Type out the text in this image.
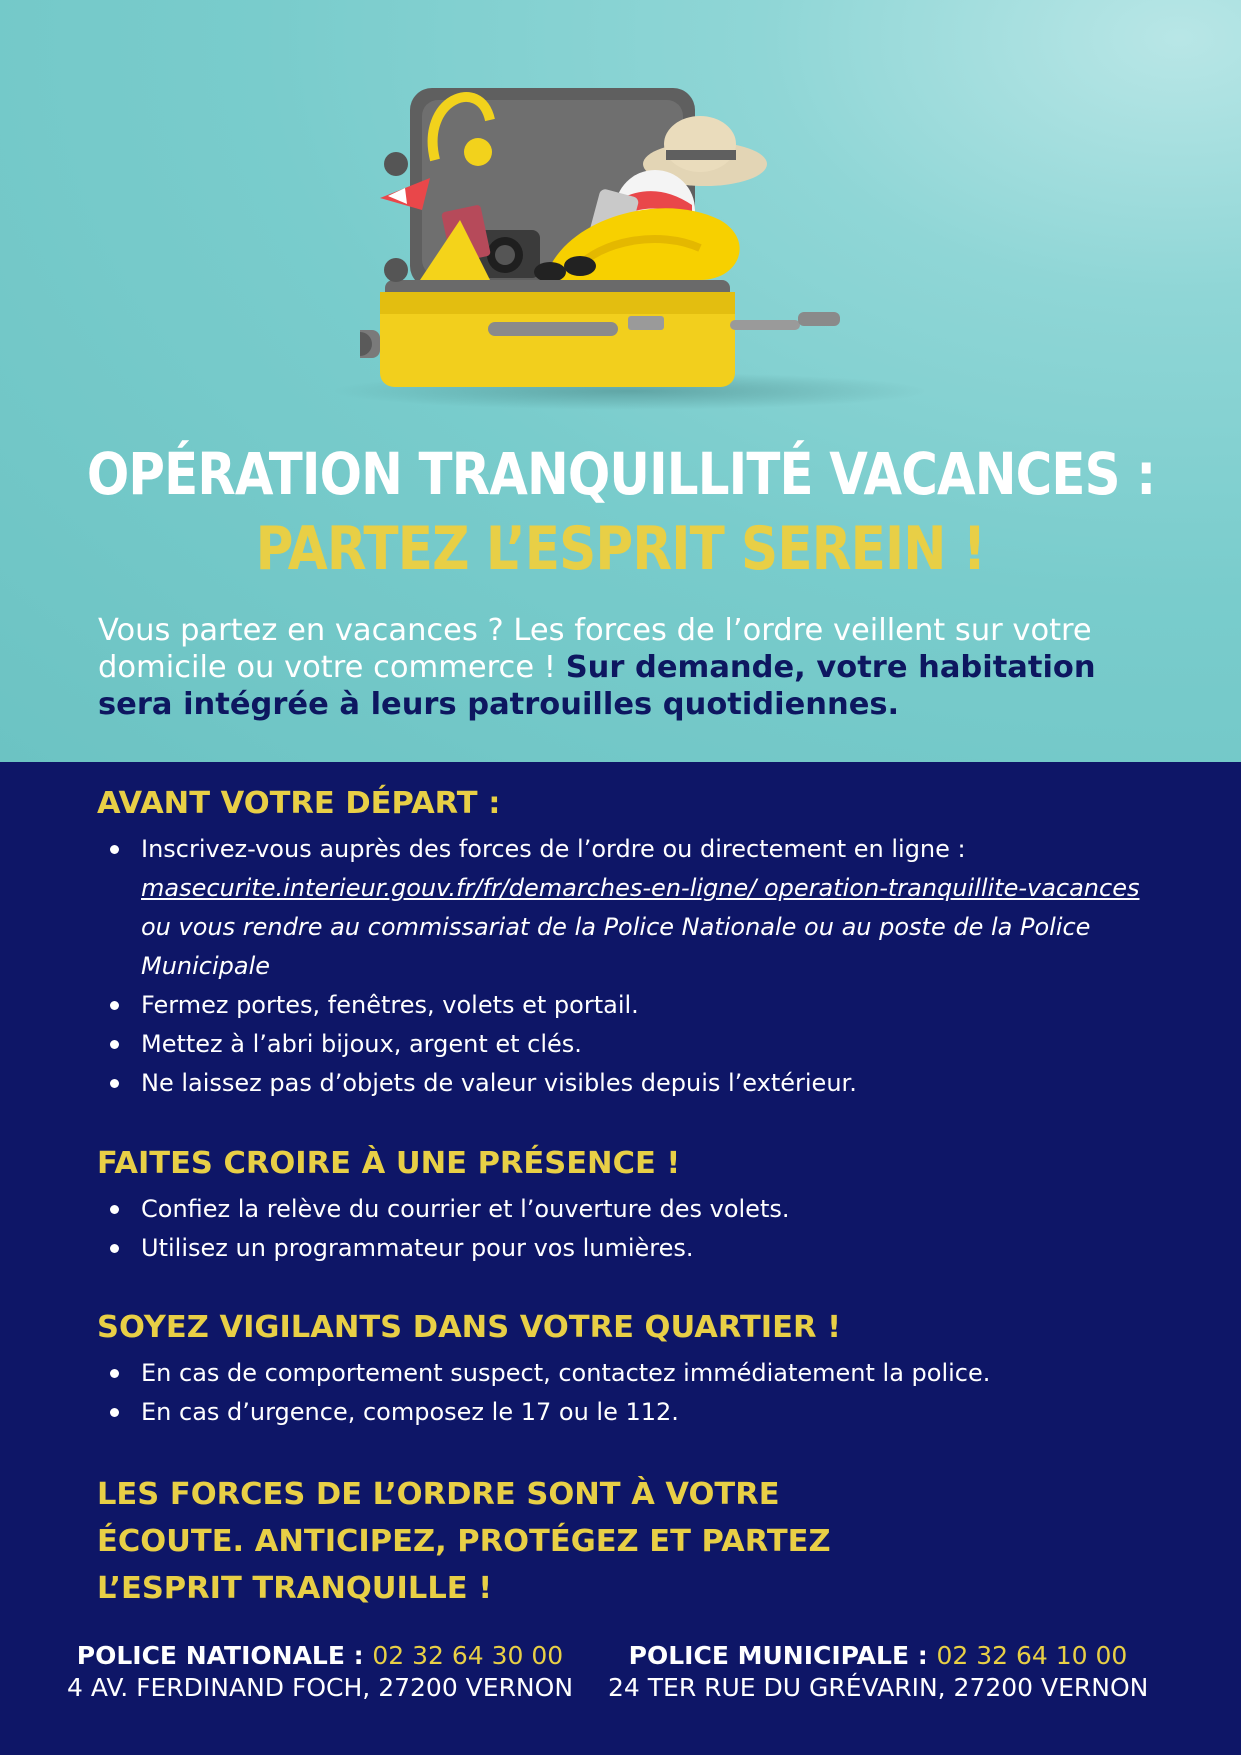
OPÉRATION TRANQUILLITÉ VACANCES :
PARTEZ L’ESPRIT SEREIN !
Vous partez en vacances ? Les forces de l’ordre veillent sur votre domicile ou votre commerce ! Sur demande, votre habitation sera intégrée à leurs patrouilles quotidiennes.
AVANT VOTRE DÉPART :
Inscrivez-vous auprès des forces de l’ordre ou directement en ligne :
masecurite.interieur.gouv.fr/fr/demarches-en-ligne/ operation-tranquillite-vacances ou vous rendre au commissariat de la Police Nationale ou au poste de la Police Municipale
Fermez portes, fenêtres, volets et portail.
Mettez à l’abri bijoux, argent et clés.
Ne laissez pas d’objets de valeur visibles depuis l’extérieur.
FAITES CROIRE À UNE PRÉSENCE !
Confiez la relève du courrier et l’ouverture des volets.
Utilisez un programmateur pour vos lumières.
SOYEZ VIGILANTS DANS VOTRE QUARTIER !
En cas de comportement suspect, contactez immédiatement la police.
En cas d’urgence, composez le 17 ou le 112.
LES FORCES DE L’ORDRE SONT À VOTRE ÉCOUTE. ANTICIPEZ, PROTÉGEZ ET PARTEZ L’ESPRIT TRANQUILLE !
POLICE NATIONALE : 02 32 64 30 00
4 AV. FERDINAND FOCH, 27200 VERNON
POLICE MUNICIPALE : 02 32 64 10 00
24 TER RUE DU GRÉVARIN, 27200 VERNON
